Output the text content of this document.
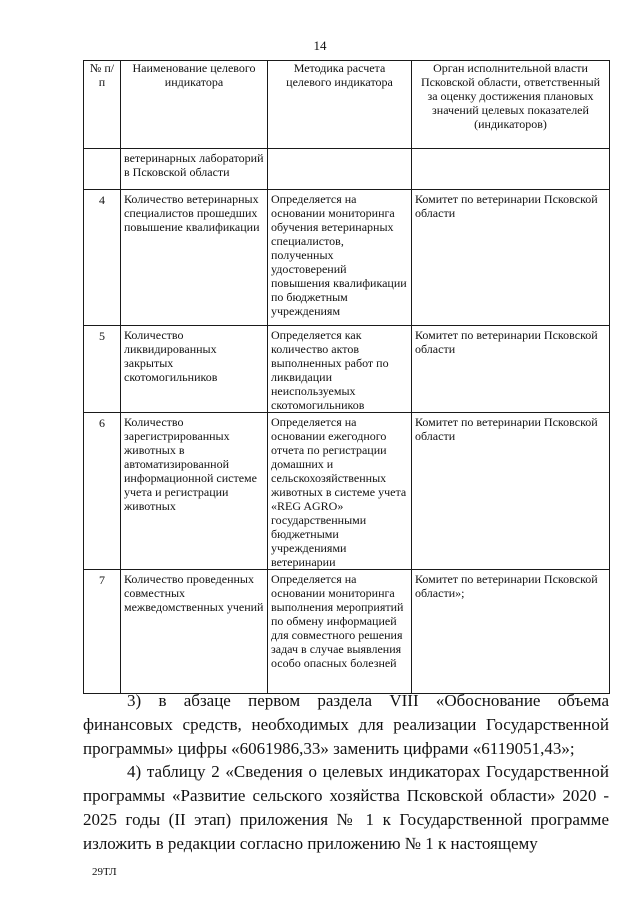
14
№ п/п	Наименование целевого индикатора	Методика расчета целевого индикатора	Орган исполнительной власти Псковской области, ответственный за оценку достижения плановых значений целевых показателей (индикаторов)
	ветеринарных лабораторий в Псковской области		
4	Количество ветеринарных специалистов прошедших повышение квалификации	Определяется на основании мониторинга обучения ветеринарных специалистов, полученных удостоверений повышения квалификации по бюджетным учреждениям	Комитет по ветеринарии Псковской области
5	Количество ликвидированных закрытых скотомогильников	Определяется как количество актов выполненных работ по ликвидации неиспользуемых скотомогильников	Комитет по ветеринарии Псковской области
6	Количество зарегистрированных животных в автоматизированной информационной системе учета и регистрации животных	Определяется на основании ежегодного отчета по регистрации домашних и сельскохозяйственных животных в системе учета «REG AGRO» государственными бюджетными учреждениями ветеринарии	Комитет по ветеринарии Псковской области
7	Количество проведенных совместных межведомственных учений	Определяется на основании мониторинга выполнения мероприятий по обмену информацией для совместного решения задач в случае выявления особо опасных болезней	Комитет по ветеринарии Псковской области»;

3) в абзаце первом раздела VIII «Обоснование объема финансовых средств, необходимых для реализации Государственной программы» цифры «6061986,33» заменить цифрами «6119051,43»;

4) таблицу 2 «Сведения о целевых индикаторах Государственной программы «Развитие сельского хозяйства Псковской области» 2020 - 2025 годы (II этап) приложения № 1 к Государственной программе изложить в редакции согласно приложению № 1 к настоящему

29ТЛ
